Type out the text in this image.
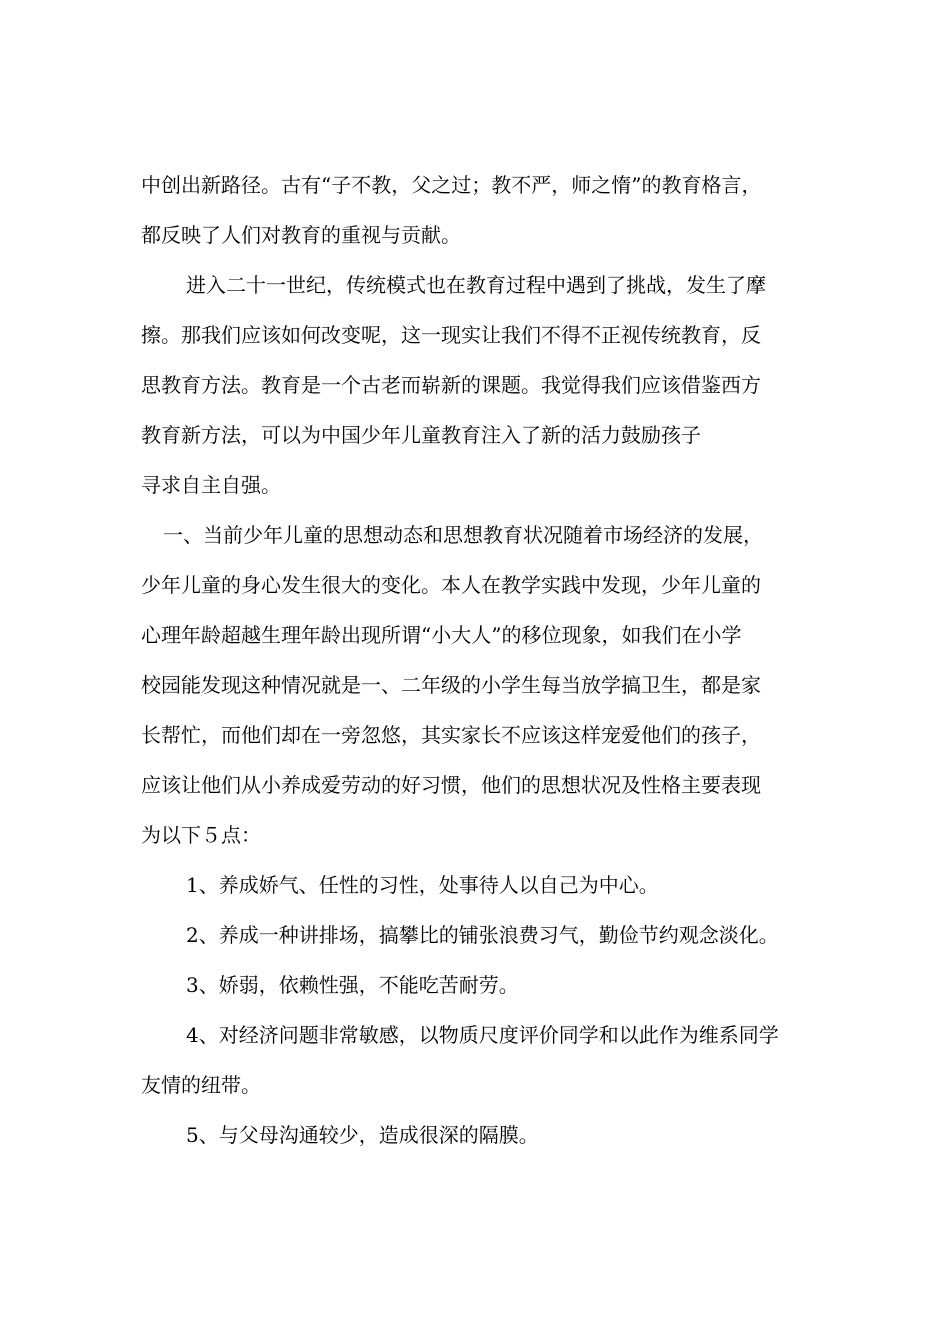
中创出新路径。古有“子不教，父之过；教不严，师之惰”的教育格言，

都反映了人们对教育的重视与贡献。

进入二十一世纪，传统模式也在教育过程中遇到了挑战，发生了摩

擦。那我们应该如何改变呢，这一现实让我们不得不正视传统教育，反

思教育方法。教育是一个古老而崭新的课题。我觉得我们应该借鉴西方

教育新方法，可以为中国少年儿童教育注入了新的活力鼓励孩子

寻求自主自强。

一、当前少年儿童的思想动态和思想教育状况随着市场经济的发展，

少年儿童的身心发生很大的变化。本人在教学实践中发现，少年儿童的

心理年龄超越生理年龄出现所谓“小大人”的移位现象，如我们在小学

校园能发现这种情况就是一、二年级的小学生每当放学搞卫生，都是家

长帮忙，而他们却在一旁忽悠，其实家长不应该这样宠爱他们的孩子，

应该让他们从小养成爱劳动的好习惯，他们的思想状况及性格主要表现

为以下５点：

1、养成娇气、任性的习性，处事待人以自己为中心。

2、养成一种讲排场，搞攀比的铺张浪费习气，勤俭节约观念淡化。

3、娇弱，依赖性强，不能吃苦耐劳。

4、对经济问题非常敏感，以物质尺度评价同学和以此作为维系同学

友情的纽带。

5、与父母沟通较少，造成很深的隔膜。
